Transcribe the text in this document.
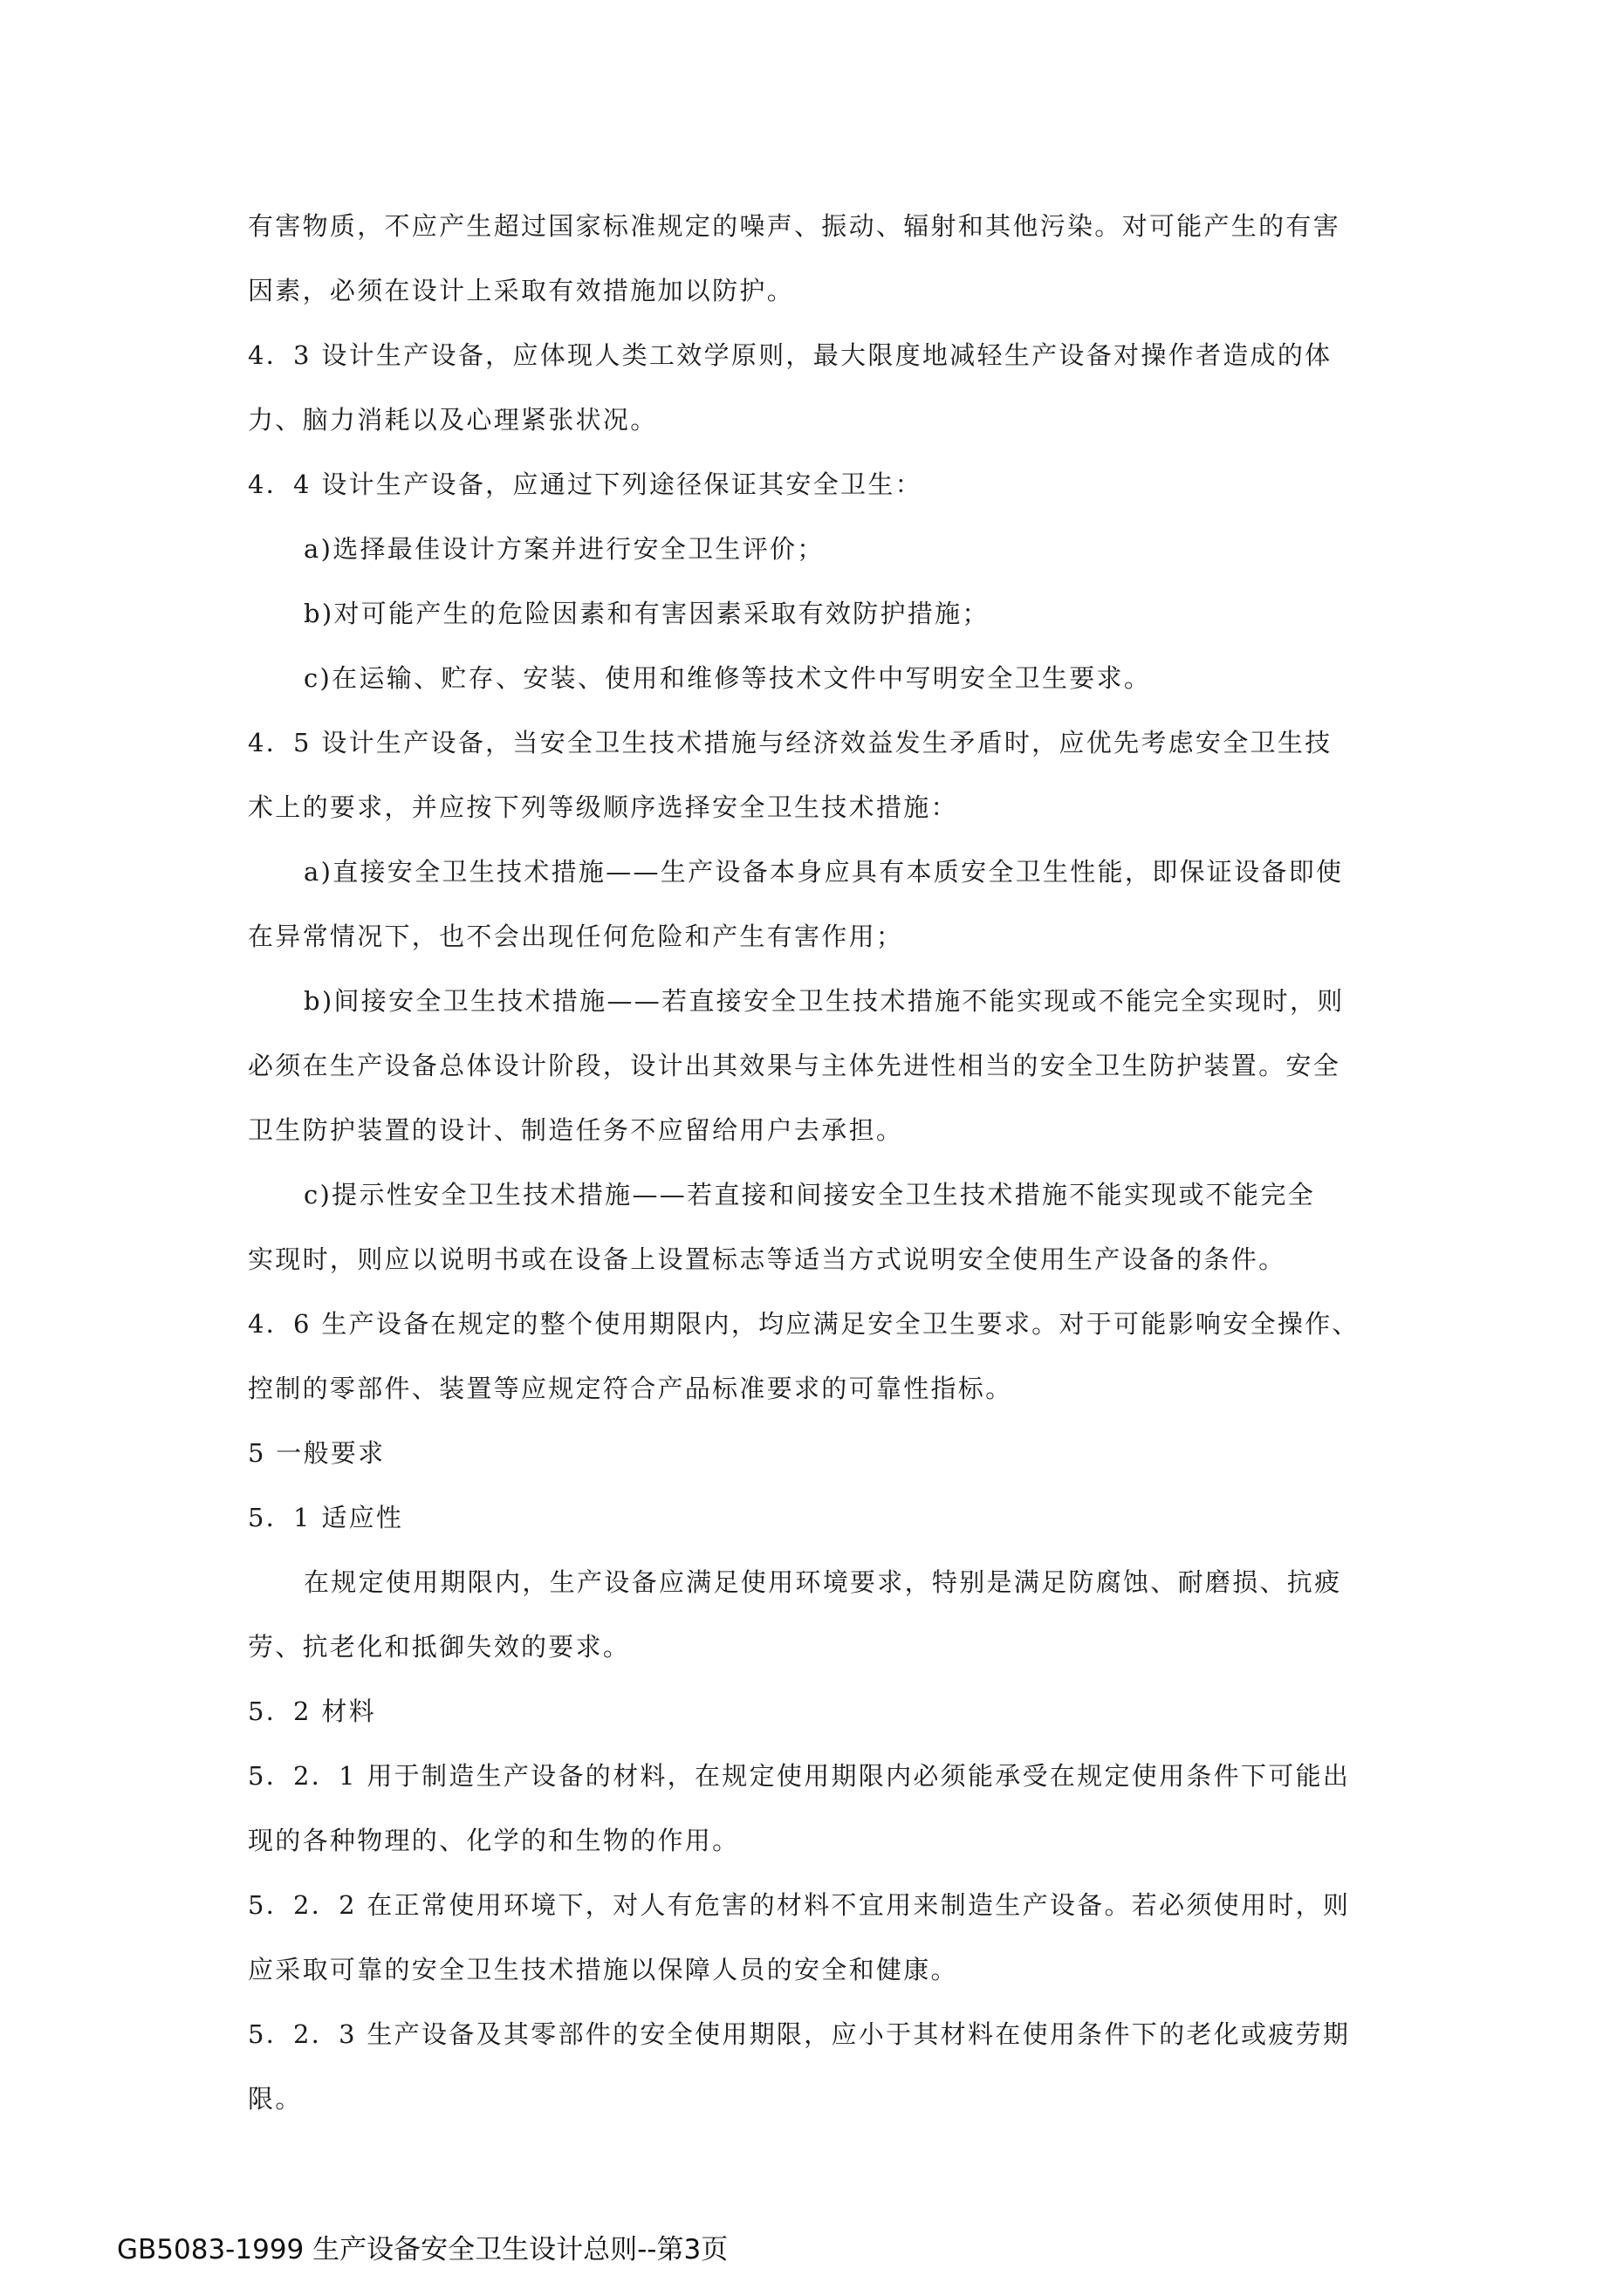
有害物质，不应产生超过国家标准规定的噪声、振动、辐射和其他污染。对可能产生的有害
因素，必须在设计上采取有效措施加以防护。
4．3 设计生产设备，应体现人类工效学原则，最大限度地减轻生产设备对操作者造成的体
力、脑力消耗以及心理紧张状况。
4．4 设计生产设备，应通过下列途径保证其安全卫生：
a)选择最佳设计方案并进行安全卫生评价；
b)对可能产生的危险因素和有害因素采取有效防护措施；
c)在运输、贮存、安装、使用和维修等技术文件中写明安全卫生要求。
4．5 设计生产设备，当安全卫生技术措施与经济效益发生矛盾时，应优先考虑安全卫生技
术上的要求，并应按下列等级顺序选择安全卫生技术措施：
a)直接安全卫生技术措施——生产设备本身应具有本质安全卫生性能，即保证设备即使
在异常情况下，也不会出现任何危险和产生有害作用；
b)间接安全卫生技术措施——若直接安全卫生技术措施不能实现或不能完全实现时，则
必须在生产设备总体设计阶段，设计出其效果与主体先进性相当的安全卫生防护装置。安全
卫生防护装置的设计、制造任务不应留给用户去承担。
c)提示性安全卫生技术措施——若直接和间接安全卫生技术措施不能实现或不能完全
实现时，则应以说明书或在设备上设置标志等适当方式说明安全使用生产设备的条件。
4．6 生产设备在规定的整个使用期限内，均应满足安全卫生要求。对于可能影响安全操作、
控制的零部件、装置等应规定符合产品标准要求的可靠性指标。
5 一般要求
5．1 适应性
在规定使用期限内，生产设备应满足使用环境要求，特别是满足防腐蚀、耐磨损、抗疲
劳、抗老化和抵御失效的要求。
5．2 材料
5．2．1 用于制造生产设备的材料，在规定使用期限内必须能承受在规定使用条件下可能出
现的各种物理的、化学的和生物的作用。
5．2．2 在正常使用环境下，对人有危害的材料不宜用来制造生产设备。若必须使用时，则
应采取可靠的安全卫生技术措施以保障人员的安全和健康。
5．2．3 生产设备及其零部件的安全使用期限，应小于其材料在使用条件下的老化或疲劳期
限。
GB5083-1999 生产设备安全卫生设计总则--第3页
